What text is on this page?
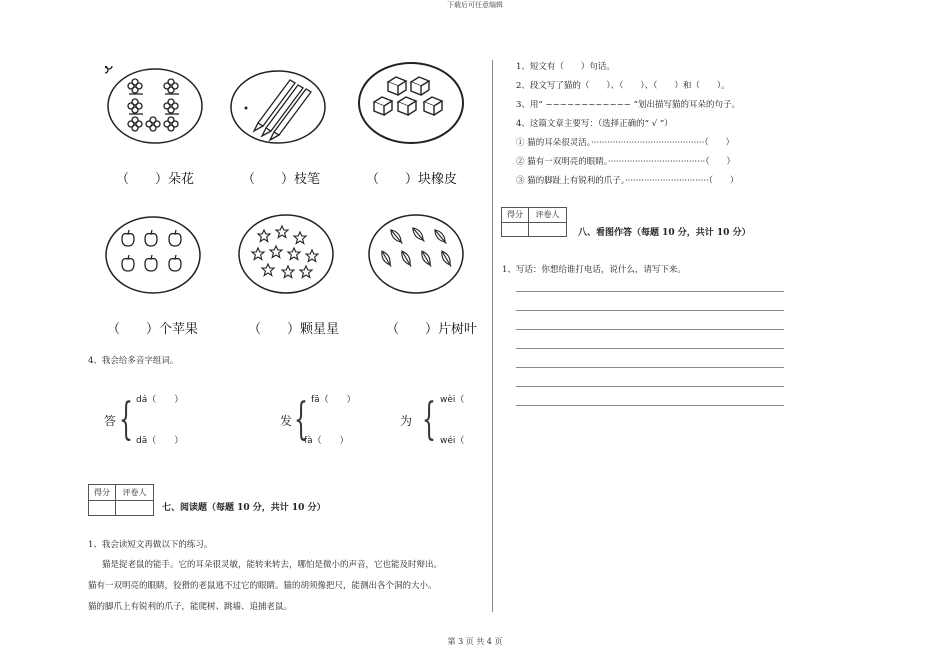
下载后可任意编辑
（　　）朵花	（　　）枝笔	（　　）块橡皮
（　　）个苹果	（　　）颗星星	（　　）片树叶
4、我会给多音字组词。
答 { dá（　　）
dā（　　）
发 { fā（　　）
fà（　　）
为 { wèi（
wéi（
得分	评卷人
七、阅读题（每题 10 分，共计 10 分）
1、我会读短文再做以下的练习。
猫是捉老鼠的能手。它的耳朵很灵敏，能转来转去，哪怕是微小的声音，它也能及时辩出。
猫有一双明亮的眼睛，狡猾的老鼠逃不过它的眼睛。猫的胡须像把尺，能测出各个洞的大小。
猫的脚爪上有锐利的爪子，能爬树、跳墙、追捕老鼠。
1、短文有（　　）句话。
2、段文写了猫的（　　）、（　　）、（　　）和（　　）。
3、用“ ~~~~~~~~~~~~ ”划出描写猫的耳朵的句子。
4、这篇文章主要写：（选择正确的“ √ ”）
① 猫的耳朵很灵活。··········································（　　）
② 猫有一双明亮的眼睛。····································（　　）
③ 猫的脚趾上有锐利的爪子。·······························（　　）
得分	评卷人
八、看图作答（每题 10 分，共计 10 分）
1、写话：你想给谁打电话，说什么，请写下来。
第 3 页 共 4 页
